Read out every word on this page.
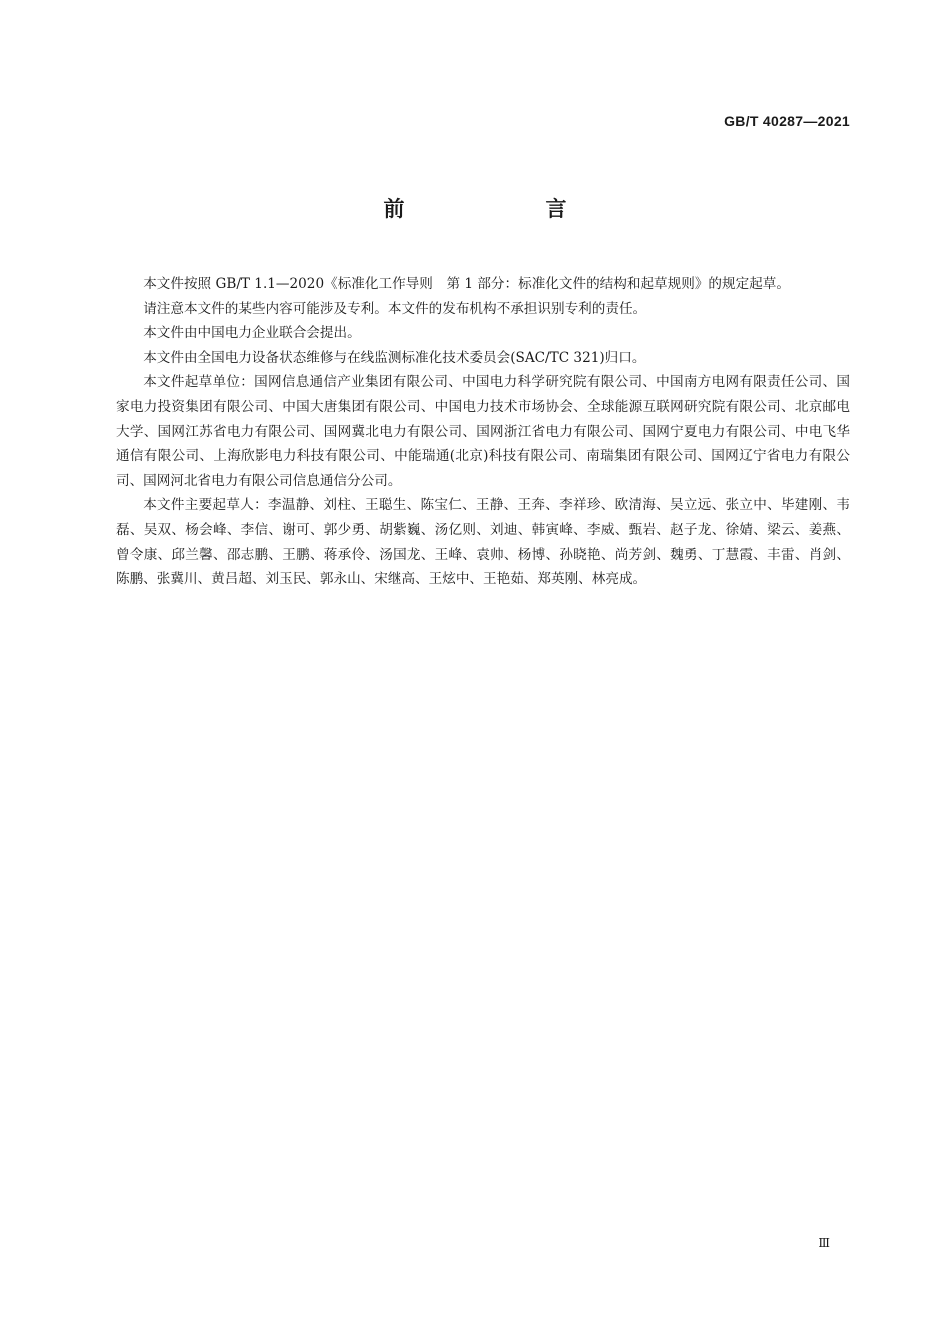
GB/T 40287—2021
前　言

本文件按照 GB/T 1.1—2020《标准化工作导则　第 1 部分：标准化文件的结构和起草规则》的规定起草。

请注意本文件的某些内容可能涉及专利。本文件的发布机构不承担识别专利的责任。

本文件由中国电力企业联合会提出。

本文件由全国电力设备状态维修与在线监测标准化技术委员会(SAC/TC 321)归口。

本文件起草单位：国网信息通信产业集团有限公司、中国电力科学研究院有限公司、中国南方电网有限责任公司、国家电力投资集团有限公司、中国大唐集团有限公司、中国电力技术市场协会、全球能源互联网研究院有限公司、北京邮电大学、国网江苏省电力有限公司、国网冀北电力有限公司、国网浙江省电力有限公司、国网宁夏电力有限公司、中电飞华通信有限公司、上海欣影电力科技有限公司、中能瑞通(北京)科技有限公司、南瑞集团有限公司、国网辽宁省电力有限公司、国网河北省电力有限公司信息通信分公司。

本文件主要起草人：李温静、刘柱、王聪生、陈宝仁、王静、王奔、李祥珍、欧清海、吴立远、张立中、毕建刚、韦磊、吴双、杨会峰、李信、谢可、郭少勇、胡紫巍、汤亿则、刘迪、韩寅峰、李威、甄岩、赵子龙、徐婧、梁云、姜燕、曾令康、邱兰馨、邵志鹏、王鹏、蒋承伶、汤国龙、王峰、袁帅、杨博、孙晓艳、尚芳剑、魏勇、丁慧霞、丰雷、肖剑、陈鹏、张冀川、黄吕超、刘玉民、郭永山、宋继高、王炫中、王艳茹、郑英刚、林亮成。

Ⅲ
